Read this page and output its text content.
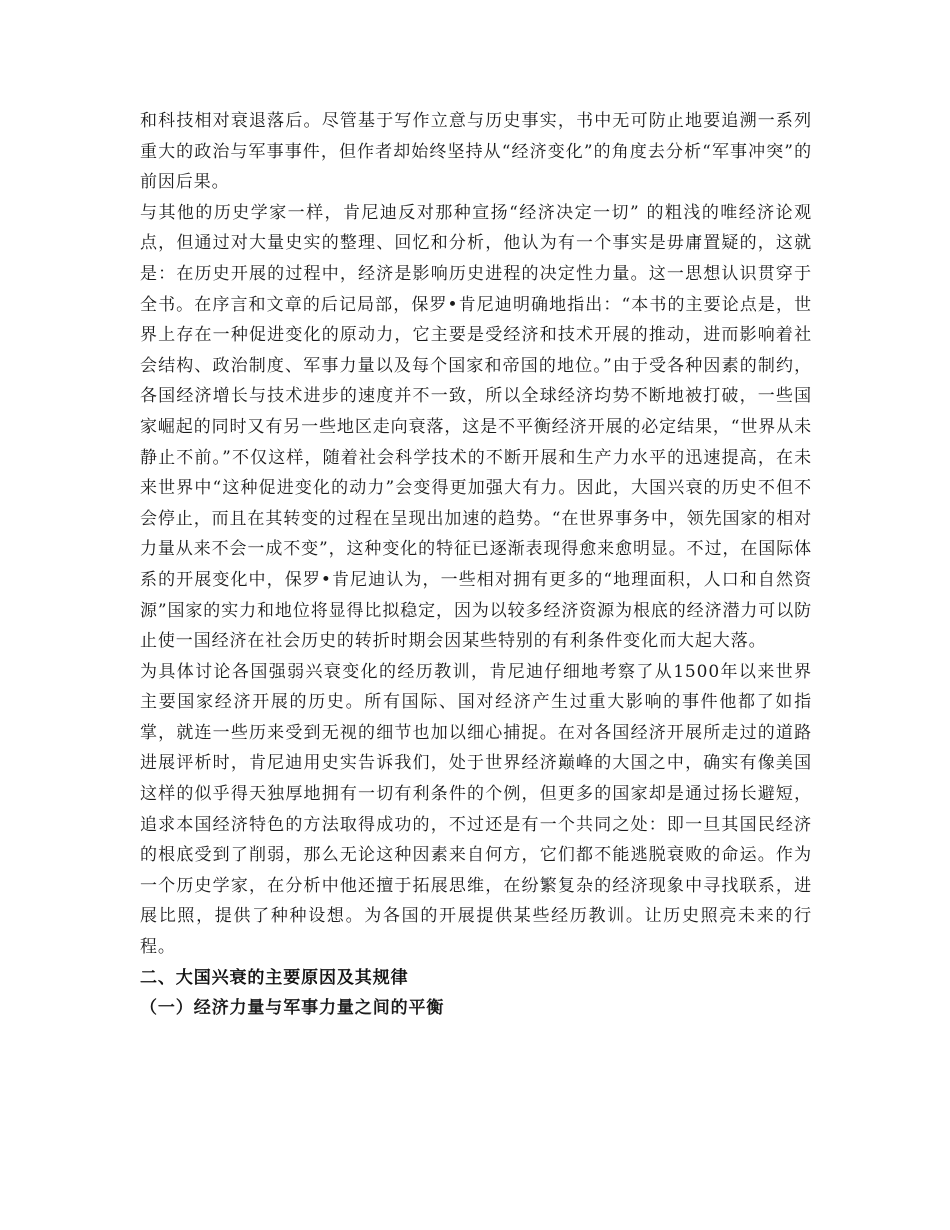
和科技相对衰退落后。尽管基于写作立意与历史事实，书中无可防止地要追溯一系列重大的政治与军事事件，但作者却始终坚持从“经济变化”的角度去分析“军事冲突”的前因后果。

与其他的历史学家一样，肯尼迪反对那种宣扬“经济决定一切” 的粗浅的唯经济论观点，但通过对大量史实的整理、回忆和分析，他认为有一个事实是毋庸置疑的，这就是：在历史开展的过程中，经济是影响历史进程的决定性力量。这一思想认识贯穿于全书。在序言和文章的后记局部，保罗•肯尼迪明确地指出：“本书的主要论点是，世界上存在一种促进变化的原动力，它主要是受经济和技术开展的推动，进而影响着社会结构、政治制度、军事力量以及每个国家和帝国的地位。”由于受各种因素的制约，各国经济增长与技术进步的速度并不一致，所以全球经济均势不断地被打破，一些国家崛起的同时又有另一些地区走向衰落，这是不平衡经济开展的必定结果，“世界从未静止不前。”不仅这样，随着社会科学技术的不断开展和生产力水平的迅速提高，在未来世界中“这种促进变化的动力”会变得更加强大有力。因此，大国兴衰的历史不但不会停止，而且在其转变的过程在呈现出加速的趋势。“在世界事务中，领先国家的相对力量从来不会一成不变”，这种变化的特征已逐渐表现得愈来愈明显。不过，在国际体系的开展变化中，保罗•肯尼迪认为，一些相对拥有更多的“地理面积，人口和自然资源”国家的实力和地位将显得比拟稳定，因为以较多经济资源为根底的经济潜力可以防止使一国经济在社会历史的转折时期会因某些特别的有利条件变化而大起大落。

为具体讨论各国强弱兴衰变化的经历教训，肯尼迪仔细地考察了从1500年以来世界主要国家经济开展的历史。所有国际、国对经济产生过重大影响的事件他都了如指掌，就连一些历来受到无视的细节也加以细心捕捉。在对各国经济开展所走过的道路进展评析时，肯尼迪用史实告诉我们，处于世界经济巅峰的大国之中，确实有像美国这样的似乎得天独厚地拥有一切有利条件的个例，但更多的国家却是通过扬长避短，追求本国经济特色的方法取得成功的，不过还是有一个共同之处：即一旦其国民经济的根底受到了削弱，那么无论这种因素来自何方，它们都不能逃脱衰败的命运。作为一个历史学家，在分析中他还擅于拓展思维，在纷繁复杂的经济现象中寻找联系，进展比照，提供了种种设想。为各国的开展提供某些经历教训。让历史照亮未来的行程。

二、大国兴衰的主要原因及其规律
（一）经济力量与军事力量之间的平衡
